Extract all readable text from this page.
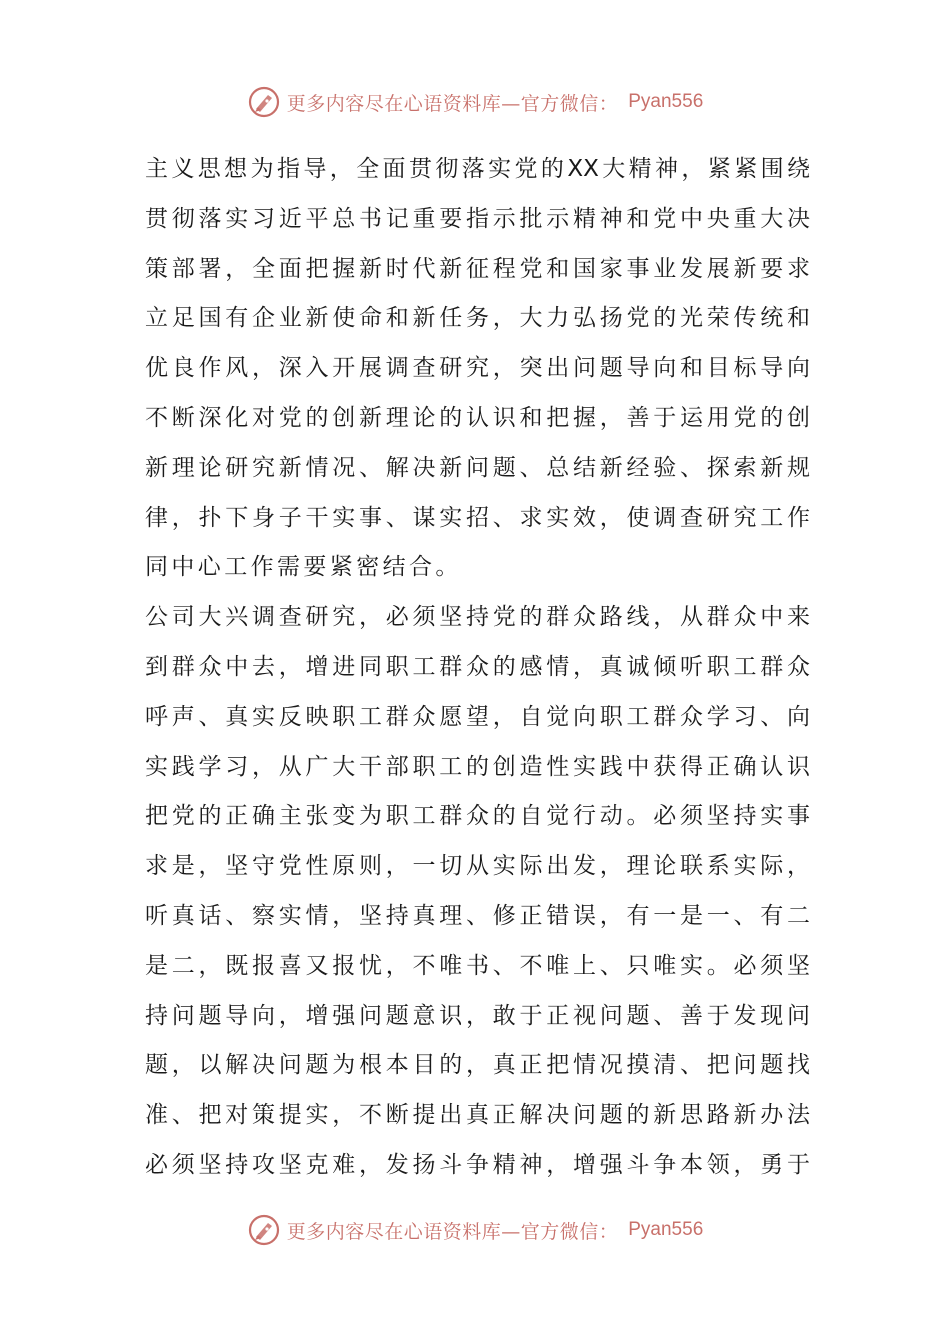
更多内容尽在心语资料库—官方微信： Pyan556
主义思想为指导，全面贯彻落实党的XX大精神，紧紧围绕
贯彻落实习近平总书记重要指示批示精神和党中央重大决
策部署，全面把握新时代新征程党和国家事业发展新要求
立足国有企业新使命和新任务，大力弘扬党的光荣传统和
优良作风，深入开展调查研究，突出问题导向和目标导向
不断深化对党的创新理论的认识和把握，善于运用党的创
新理论研究新情况、解决新问题、总结新经验、探索新规
律，扑下身子干实事、谋实招、求实效，使调查研究工作
同中心工作需要紧密结合。
公司大兴调查研究，必须坚持党的群众路线，从群众中来
到群众中去，增进同职工群众的感情，真诚倾听职工群众
呼声、真实反映职工群众愿望，自觉向职工群众学习、向
实践学习，从广大干部职工的创造性实践中获得正确认识
把党的正确主张变为职工群众的自觉行动。必须坚持实事
求是，坚守党性原则，一切从实际出发，理论联系实际，
听真话、察实情，坚持真理、修正错误，有一是一、有二
是二，既报喜又报忧，不唯书、不唯上、只唯实。必须坚
持问题导向，增强问题意识，敢于正视问题、善于发现问
题，以解决问题为根本目的，真正把情况摸清、把问题找
准、把对策提实，不断提出真正解决问题的新思路新办法
必须坚持攻坚克难，发扬斗争精神，增强斗争本领，勇于
更多内容尽在心语资料库—官方微信： Pyan556
